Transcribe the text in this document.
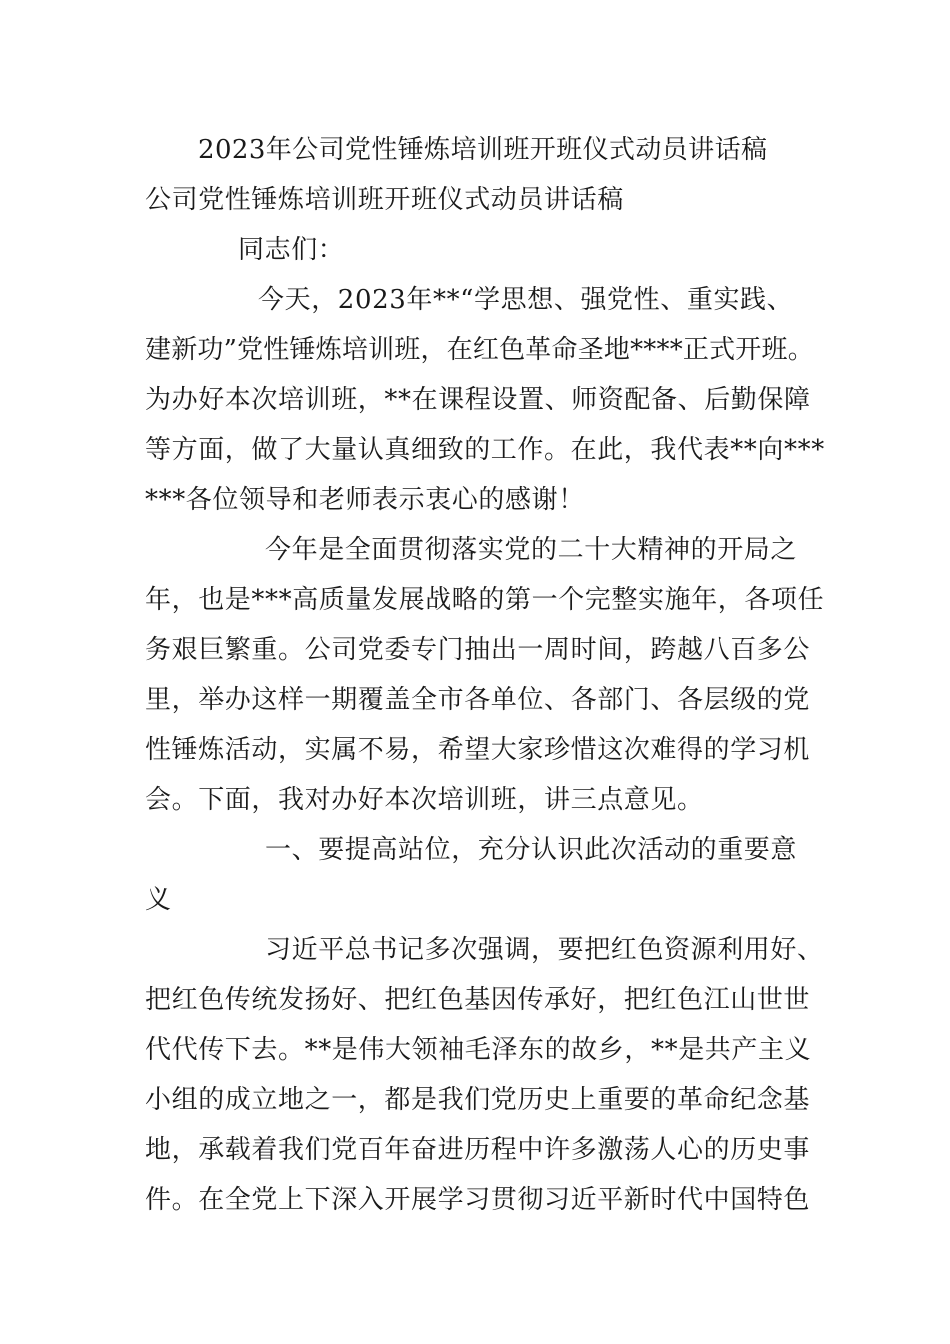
2023年公司党性锤炼培训班开班仪式动员讲话稿
公司党性锤炼培训班开班仪式动员讲话稿
同志们：
今天，2023年**“学思想、强党性、重实践、
建新功”党性锤炼培训班，在红色革命圣地****正式开班。
为办好本次培训班，**在课程设置、师资配备、后勤保障
等方面，做了大量认真细致的工作。在此，我代表**向***
***各位领导和老师表示衷心的感谢！
今年是全面贯彻落实党的二十大精神的开局之
年，也是***高质量发展战略的第一个完整实施年，各项任
务艰巨繁重。公司党委专门抽出一周时间，跨越八百多公
里，举办这样一期覆盖全市各单位、各部门、各层级的党
性锤炼活动，实属不易，希望大家珍惜这次难得的学习机
会。下面，我对办好本次培训班，讲三点意见。
一、要提高站位，充分认识此次活动的重要意
义
习近平总书记多次强调，要把红色资源利用好、
把红色传统发扬好、把红色基因传承好，把红色江山世世
代代传下去。**是伟大领袖毛泽东的故乡，**是共产主义
小组的成立地之一，都是我们党历史上重要的革命纪念基
地，承载着我们党百年奋进历程中许多激荡人心的历史事
件。在全党上下深入开展学习贯彻习近平新时代中国特色
